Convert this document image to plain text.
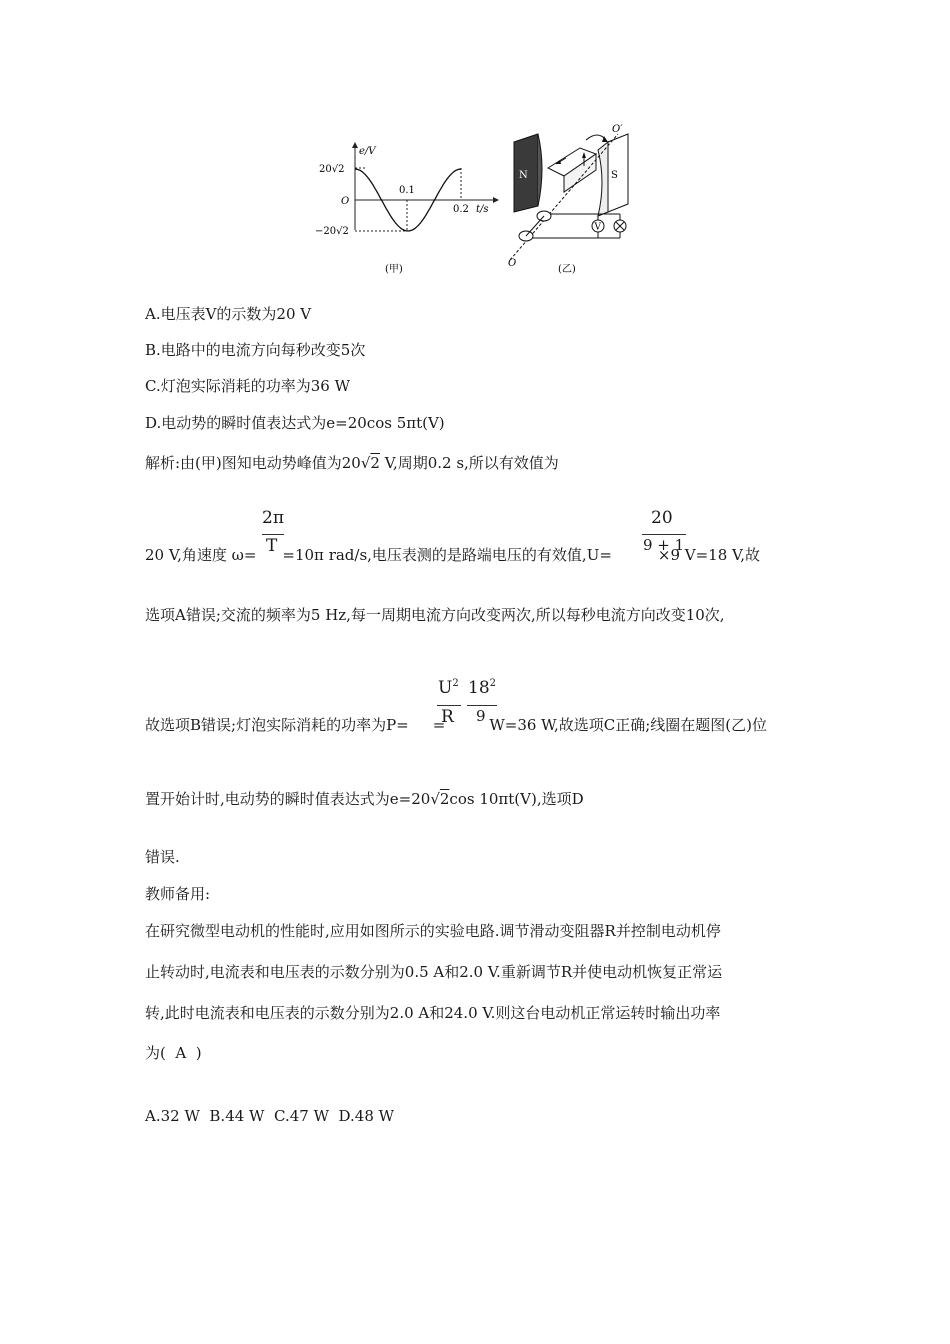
e/V
20√2
O
−20√2
0.1
0.2 t/s
(甲)
N	S
O′
O
V
(乙)
A.电压表V的示数为20 V
B.电路中的电流方向每秒改变5次
C.灯泡实际消耗的功率为36 W
D.电动势的瞬时值表达式为e=20cos 5πt(V)
解析:由(甲)图知电动势峰值为20√2 V,周期0.2 s,所以有效值为
2π
T
20
9 + 1
20 V,角速度 ω= =10π rad/s,电压表测的是路端电压的有效值,U=	×9 V=18 V,故
选项A错误;交流的频率为5 Hz,每一周期电流方向改变两次,所以每秒电流方向改变10次,
$U^2$
R
$18^2$
9
故选项B错误;灯泡实际消耗的功率为P= =	W=36 W,故选项C正确;线圈在题图(乙)位
置开始计时,电动势的瞬时值表达式为e=20√2cos 10πt(V),选项D
错误.
教师备用:
在研究微型电动机的性能时,应用如图所示的实验电路.调节滑动变阻器R并控制电动机停
止转动时,电流表和电压表的示数分别为0.5 A和2.0 V.重新调节R并使电动机恢复正常运
转,此时电流表和电压表的示数分别为2.0 A和24.0 V.则这台电动机正常运转时输出功率
为(  A  )
A.32 W  B.44 W  C.47 W  D.48 W
